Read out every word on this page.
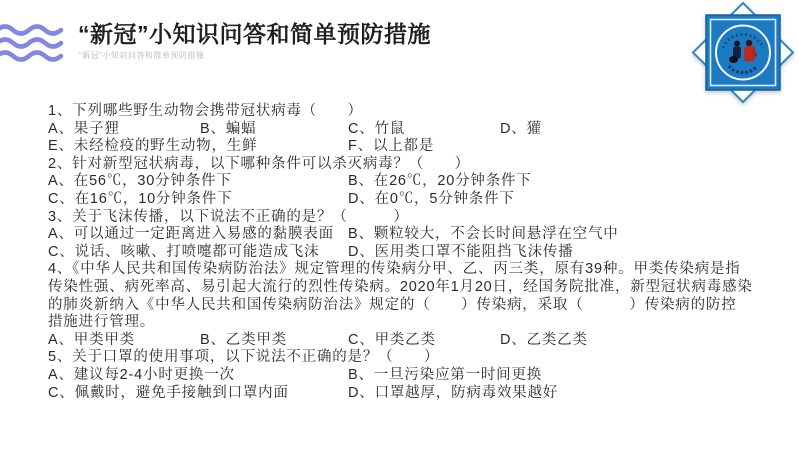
“新冠”小知识问答和简单预防措施
“新冠”小知识问答和简单预防措施
1、下列哪些野生动物会携带冠状病毒（　　）
A、果子狸	B、蝙蝠	C、竹鼠	D、獾
E、未经检疫的野生动物，生鲜	F、以上都是
2、针对新型冠状病毒，以下哪种条件可以杀灭病毒？（　　）
A、在56℃，30分钟条件下	B、在26℃，20分钟条件下
C、在16℃，10分钟条件下	D、在0℃，5分钟条件下
3、关于飞沫传播，以下说法不正确的是？（　　　）
A、可以通过一定距离进入易感的黏膜表面 B、颗粒较大，不会长时间悬浮在空气中
C、说话、咳嗽、打喷嚏都可能造成飞沫 D、医用类口罩不能阻挡飞沫传播
4、《中华人民共和国传染病防治法》规定管理的传染病分甲、乙、丙三类，原有39种。甲类传染病是指
传染性强、病死率高、易引起大流行的烈性传染病。2020年1月20日，经国务院批准，新型冠状病毒感染
的肺炎新纳入《中华人民共和国传染病防治法》规定的（　　）传染病，采取（　　　）传染病的防控
措施进行管理。
A、甲类甲类	B、乙类甲类	C、甲类乙类	D、乙类乙类
5、关于口罩的使用事项，以下说法不正确的是？（　　）
A、建议每2-4小时更换一次	B、一旦污染应第一时间更换
C、佩戴时，避免手接触到口罩内面	D、口罩越厚，防病毒效果越好
